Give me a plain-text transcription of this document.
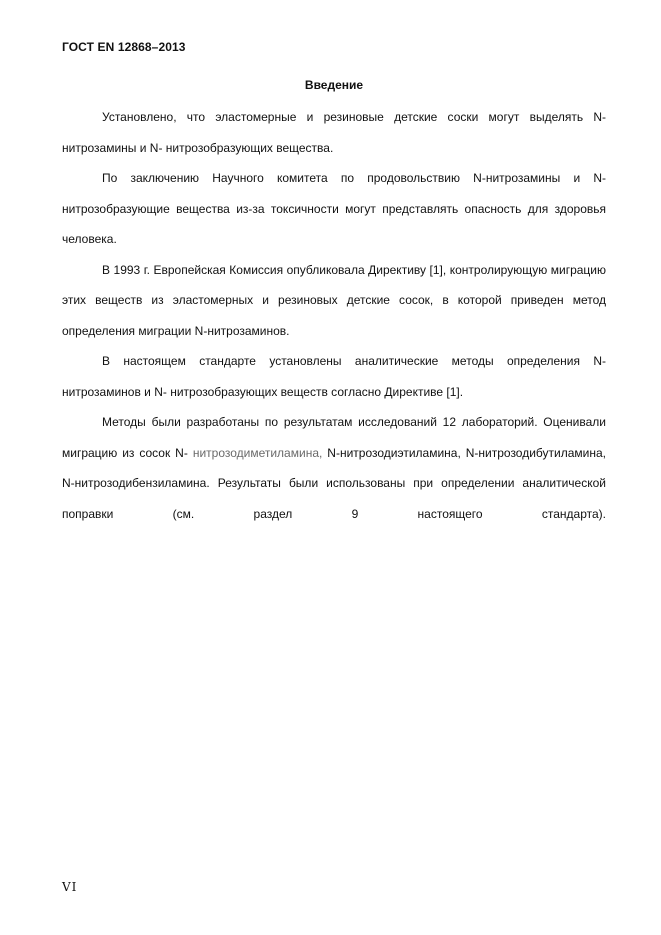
ГОСТ EN 12868–2013
Введение

Установлено, что эластомерные и резиновые детские соски могут выделять N-нитрозамины и N- нитрозобразующих вещества.

По заключению Научного комитета по продовольствию N-нитрозамины и N-нитрозобразующие вещества из-за токсичности могут представлять опасность для здоровья человека.

В 1993 г. Европейская Комиссия опубликовала Директиву [1], контролирующую миграцию этих веществ из эластомерных и резиновых детские сосок, в которой приведен метод определения миграции N-нитрозаминов.

В настоящем стандарте установлены аналитические методы определения N-нитрозаминов и N- нитрозобразующих веществ согласно Директиве [1].

Методы были разработаны по результатам исследований 12 лабораторий. Оценивали миграцию из сосок N- нитрозодиметиламина, N-нитрозодиэтиламина, N-нитрозодибутиламина, N-нитрозодибензиламина. Результаты были использованы при определении аналитической поправки (см. раздел 9 настоящего стандарта).

VI
